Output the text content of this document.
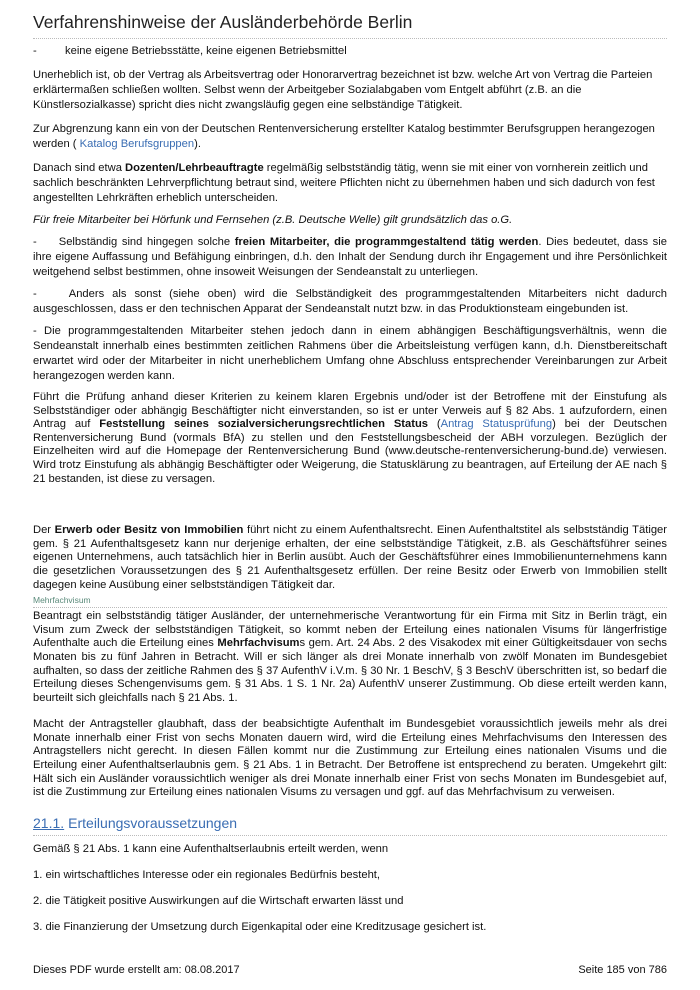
Verfahrenshinweise der Ausländerbehörde Berlin
-	keine eigene Betriebsstätte, keine eigenen Betriebsmittel

Unerheblich ist, ob der Vertrag als Arbeitsvertrag oder Honorarvertrag bezeichnet ist bzw. welche Art von Vertrag die Parteien erklärtermaßen schließen wollten. Selbst wenn der Arbeitgeber Sozialabgaben vom Entgelt abführt (z.B. an die Künstlersozialkasse) spricht dies nicht zwangsläufig gegen eine selbständige Tätigkeit.

Zur Abgrenzung kann ein von der Deutschen Rentenversicherung erstellter Katalog bestimmter Berufsgruppen herangezogen werden ( Katalog Berufsgruppen).

Danach sind etwa Dozenten/Lehrbeauftragte regelmäßig selbstständig tätig, wenn sie mit einer von vornherein zeitlich und sachlich beschränkten Lehrverpflichtung betraut sind, weitere Pflichten nicht zu übernehmen haben und sich dadurch von fest angestellten Lehrkräften erheblich unterscheiden.

Für freie Mitarbeiter bei Hörfunk und Fernsehen (z.B. Deutsche Welle) gilt grundsätzlich das o.G.

- Selbständig sind hingegen solche freien Mitarbeiter, die programmgestaltend tätig werden. Dies bedeutet, dass sie ihre eigene Auffassung und Befähigung einbringen, d.h. den Inhalt der Sendung durch ihr Engagement und ihre Persönlichkeit weitgehend selbst bestimmen, ohne insoweit Weisungen der Sendeanstalt zu unterliegen.

-	Anders als sonst (siehe oben) wird die Selbständigkeit des programmgestaltenden Mitarbeiters nicht dadurch ausgeschlossen, dass er den technischen Apparat der Sendeanstalt nutzt bzw. in das Produktionsteam eingebunden ist.

- Die programmgestaltenden Mitarbeiter stehen jedoch dann in einem abhängigen Beschäftigungsverhältnis, wenn die Sendeanstalt innerhalb eines bestimmten zeitlichen Rahmens über die Arbeitsleistung verfügen kann, d.h. Dienstbereitschaft erwartet wird oder der Mitarbeiter in nicht unerheblichem Umfang ohne Abschluss entsprechender Vereinbarungen zur Arbeit herangezogen werden kann.

Führt die Prüfung anhand dieser Kriterien zu keinem klaren Ergebnis und/oder ist der Betroffene mit der Einstufung als Selbstständiger oder abhängig Beschäftigter nicht einverstanden, so ist er unter Verweis auf § 82 Abs. 1 aufzufordern, einen Antrag auf Feststellung seines sozialversicherungsrechtlichen Status (Antrag Statusprüfung) bei der Deutschen Rentenversicherung Bund (vormals BfA) zu stellen und den Feststellungsbescheid der ABH vorzulegen. Bezüglich der Einzelheiten wird auf die Homepage der Rentenversicherung Bund (www.deutsche-rentenversicherung-bund.de) verwiesen. Wird trotz Einstufung als abhängig Beschäftigter oder Weigerung, die Statusklärung zu beantragen, auf Erteilung der AE nach § 21 bestanden, ist diese zu versagen.

Der Erwerb oder Besitz von Immobilien führt nicht zu einem Aufenthaltsrecht. Einen Aufenthaltstitel als selbstständig Tätiger gem. § 21 Aufenthaltsgesetz kann nur derjenige erhalten, der eine selbstständige Tätigkeit, z.B. als Geschäftsführer seines eigenen Unternehmens, auch tatsächlich hier in Berlin ausübt. Auch der Geschäftsführer eines Immobilienunternehmens kann die gesetzlichen Voraussetzungen des § 21 Aufenthaltsgesetz erfüllen. Der reine Besitz oder Erwerb von Immobilien stellt dagegen keine Ausübung einer selbstständigen Tätigkeit dar.

Mehrfachvisum

Beantragt ein selbstständig tätiger Ausländer, der unternehmerische Verantwortung für ein Firma mit Sitz in Berlin trägt, ein Visum zum Zweck der selbstständigen Tätigkeit, so kommt neben der Erteilung eines nationalen Visums für längerfristige Aufenthalte auch die Erteilung eines Mehrfachvisums gem. Art. 24 Abs. 2 des Visakodex mit einer Gültigkeitsdauer von sechs Monaten bis zu fünf Jahren in Betracht. Will er sich länger als drei Monate innerhalb von zwölf Monaten im Bundesgebiet aufhalten, so dass der zeitliche Rahmen des § 37 AufenthV i.V.m. § 30 Nr. 1 BeschV, § 3 BeschV überschritten ist, so bedarf die Erteilung dieses Schengenvisums gem. § 31 Abs. 1 S. 1 Nr. 2a) AufenthV unserer Zustimmung. Ob diese erteilt werden kann, beurteilt sich gleichfalls nach § 21 Abs. 1.

Macht der Antragsteller glaubhaft, dass der beabsichtigte Aufenthalt im Bundesgebiet voraussichtlich jeweils mehr als drei Monate innerhalb einer Frist von sechs Monaten dauern wird, wird die Erteilung eines Mehrfachvisums den Interessen des Antragstellers nicht gerecht. In diesen Fällen kommt nur die Zustimmung zur Erteilung eines nationalen Visums und die Erteilung einer Aufenthaltserlaubnis gem. § 21 Abs. 1 in Betracht. Der Betroffene ist entsprechend zu beraten. Umgekehrt gilt: Hält sich ein Ausländer voraussichtlich weniger als drei Monate innerhalb einer Frist von sechs Monaten im Bundesgebiet auf, ist die Zustimmung zur Erteilung eines nationalen Visums zu versagen und ggf. auf das Mehrfachvisum zu verweisen.

21.1. Erteilungsvoraussetzungen

Gemäß § 21 Abs. 1 kann eine Aufenthaltserlaubnis erteilt werden, wenn

1. ein wirtschaftliches Interesse oder ein regionales Bedürfnis besteht,

2. die Tätigkeit positive Auswirkungen auf die Wirtschaft erwarten lässt und

3. die Finanzierung der Umsetzung durch Eigenkapital oder eine Kreditzusage gesichert ist.

Dieses PDF wurde erstellt am: 08.08.2017	Seite 185 von 786
